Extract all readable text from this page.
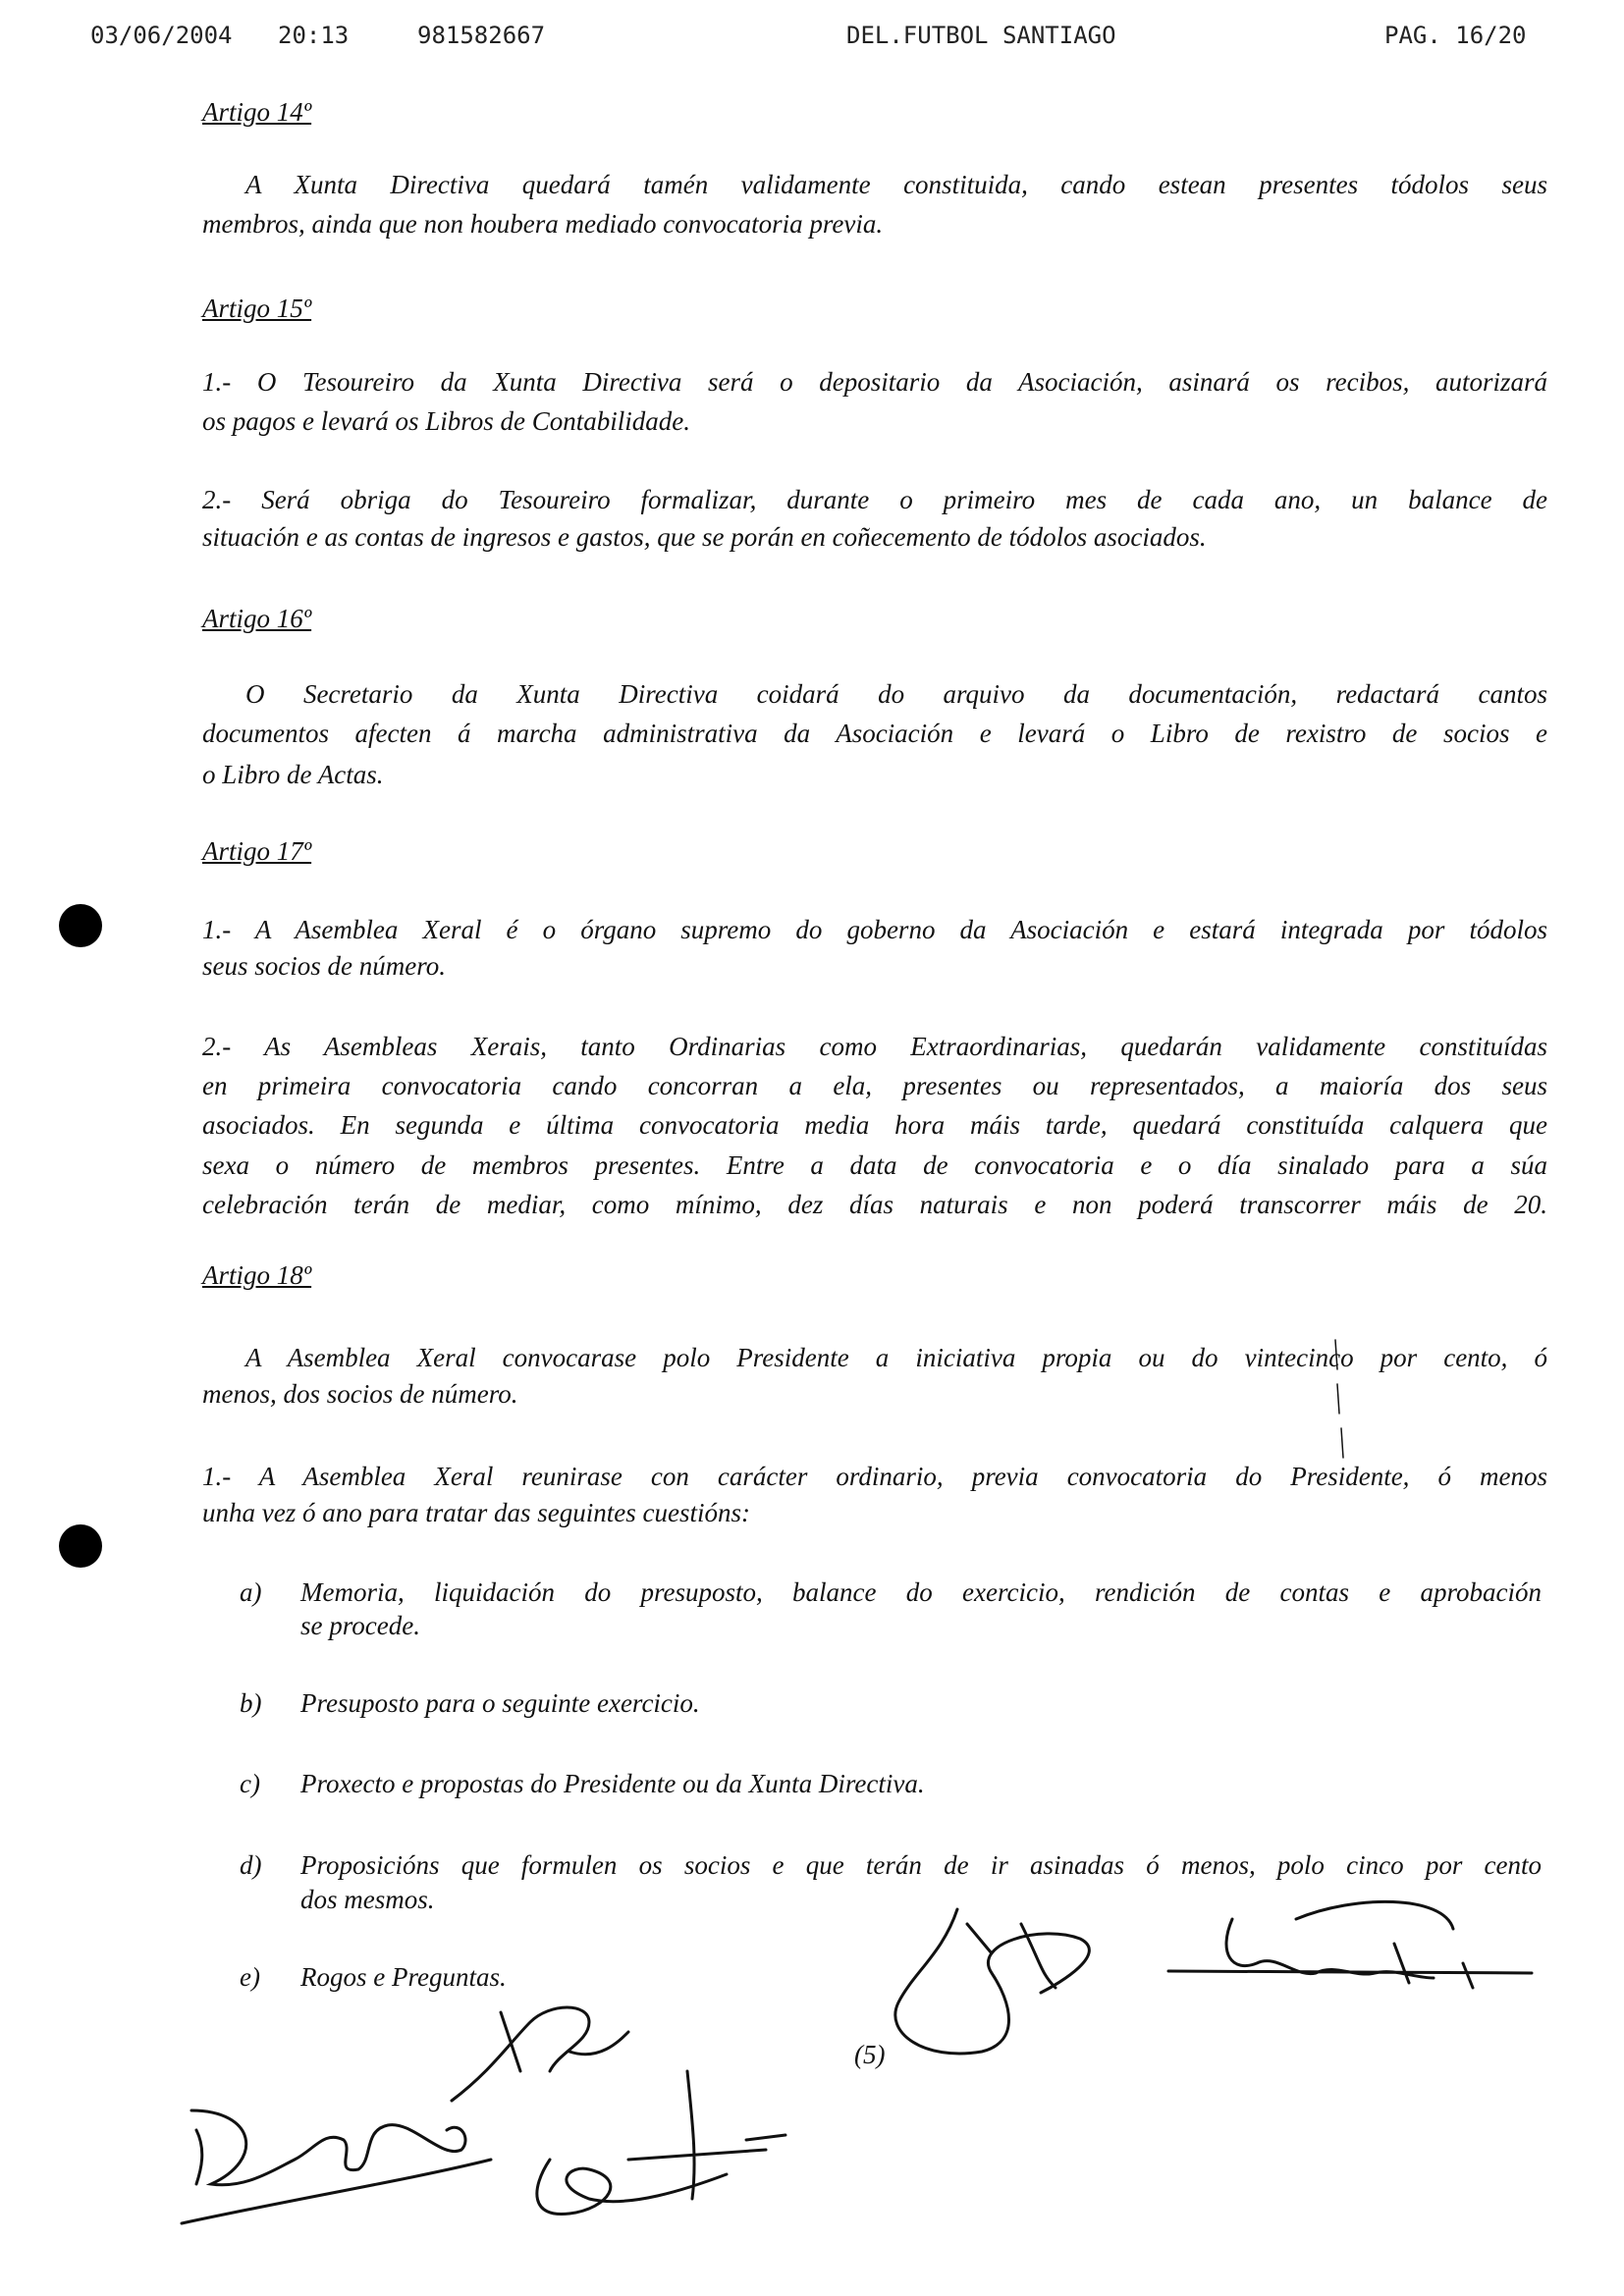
03/06/2004 20:13	981582667	DEL.FUTBOL SANTIAGO	PAG. 16/20
Artigo 14º
A Xunta Directiva quedará tamén validamente constituida, cando estean presentes tódolos seus
membros, ainda que non houbera mediado convocatoria previa.
Artigo 15º
1.- O Tesoureiro da Xunta Directiva será o depositario da Asociación, asinará os recibos, autorizará
os pagos e levará os Libros de Contabilidade.
2.- Será obriga do Tesoureiro formalizar, durante o primeiro mes de cada ano, un balance de
situación e as contas de ingresos e gastos, que se porán en coñecemento de tódolos asociados.
Artigo 16º
O Secretario da Xunta Directiva coidará do arquivo da documentación, redactará cantos
documentos afecten á marcha administrativa da Asociación e levará o Libro de rexistro de socios e
o Libro de Actas.
Artigo 17º
1.- A Asemblea Xeral é o órgano supremo do goberno da Asociación e estará integrada por tódolos
seus socios de número.
2.- As Asembleas Xerais, tanto Ordinarias como Extraordinarias, quedarán validamente constituídas
en primeira convocatoria cando concorran a ela, presentes ou representados, a maioría dos seus
asociados. En segunda e última convocatoria media hora máis tarde, quedará constituída calquera que
sexa o número de membros presentes. Entre a data de convocatoria e o día sinalado para a súa
celebración terán de mediar, como mínimo, dez días naturais e non poderá transcorrer máis de 20.
Artigo 18º
A Asemblea Xeral convocarase polo Presidente a iniciativa propia ou do vintecinco por cento, ó
menos, dos socios de número.
1.- A Asemblea Xeral reunirase con carácter ordinario, previa convocatoria do Presidente, ó menos
unha vez ó ano para tratar das seguintes cuestións:
a) Memoria, liquidación do presuposto, balance do exercicio, rendición de contas e aprobación
se procede.
b) Presuposto para o seguinte exercicio.
c) Proxecto e propostas do Presidente ou da Xunta Directiva.
d) Proposicións que formulen os socios e que terán de ir asinadas ó menos, polo cinco por cento
dos mesmos.
e) Rogos e Preguntas.
(5)
